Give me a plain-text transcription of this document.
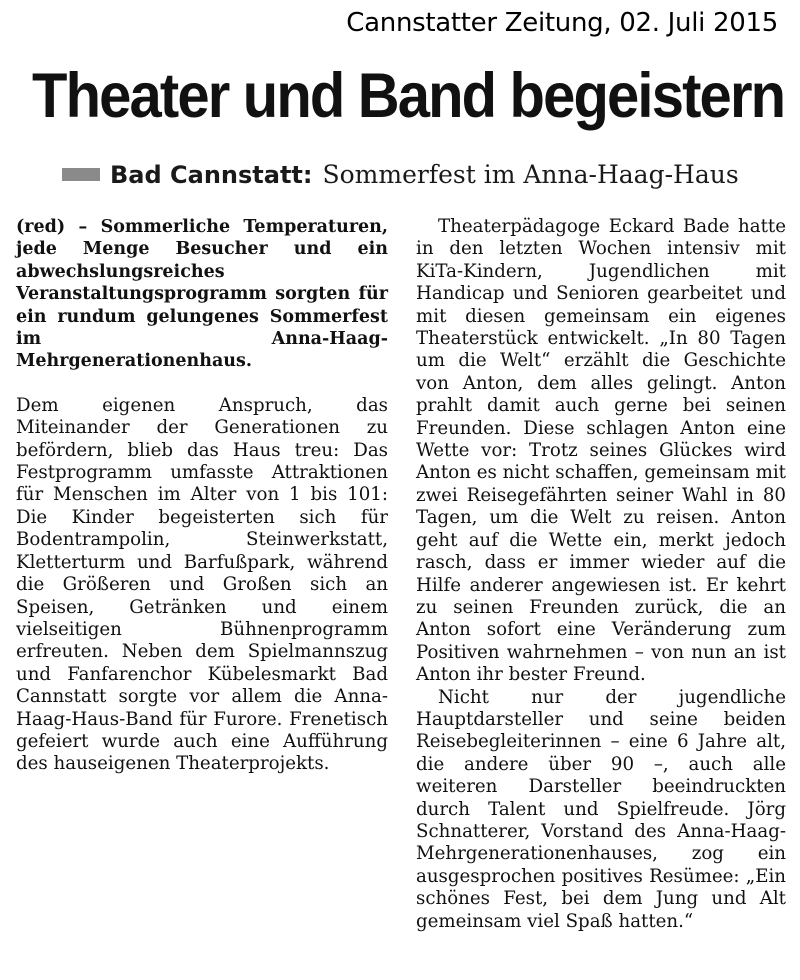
Cannstatter Zeitung, 02. Juli 2015
Theater und Band begeistern
Bad Cannstatt: Sommerfest im Anna-Haag-Haus

(red) – Sommerliche Temperaturen, jede Menge Besucher und ein abwechslungsreiches Veranstaltungsprogramm sorgten für ein rundum gelungenes Sommerfest im Anna-Haag-Mehrgenerationenhaus.

Dem eigenen Anspruch, das Miteinander der Generationen zu befördern, blieb das Haus treu: Das Festprogramm umfasste Attraktionen für Menschen im Alter von 1 bis 101: Die Kinder begeisterten sich für Bodentrampolin, Steinwerkstatt, Kletterturm und Barfußpark, während die Größeren und Großen sich an Speisen, Getränken und einem vielseitigen Bühnenprogramm erfreuten. Neben dem Spielmannszug und Fanfarenchor Kübelesmarkt Bad Cannstatt sorgte vor allem die Anna-Haag-Haus-Band für Furore. Frenetisch gefeiert wurde auch eine Aufführung des hauseigenen Theaterprojekts.

Theaterpädagoge Eckard Bade hatte in den letzten Wochen intensiv mit KiTa-Kindern, Jugendlichen mit Handicap und Senioren gearbeitet und mit diesen gemeinsam ein eigenes Theaterstück entwickelt. „In 80 Tagen um die Welt“ erzählt die Geschichte von Anton, dem alles gelingt. Anton prahlt damit auch gerne bei seinen Freunden. Diese schlagen Anton eine Wette vor: Trotz seines Glückes wird Anton es nicht schaffen, gemeinsam mit zwei Reisegefährten seiner Wahl in 80 Tagen, um die Welt zu reisen. Anton geht auf die Wette ein, merkt jedoch rasch, dass er immer wieder auf die Hilfe anderer angewiesen ist. Er kehrt zu seinen Freunden zurück, die an Anton sofort eine Veränderung zum Positiven wahrnehmen – von nun an ist Anton ihr bester Freund.

Nicht nur der jugendliche Hauptdarsteller und seine beiden Reisebegleiterinnen – eine 6 Jahre alt, die andere über 90 –, auch alle weiteren Darsteller beeindruckten durch Talent und Spielfreude. Jörg Schnatterer, Vorstand des Anna-Haag-Mehrgenerationenhauses, zog ein ausgesprochen positives Resümee: „Ein schönes Fest, bei dem Jung und Alt gemeinsam viel Spaß hatten.“
